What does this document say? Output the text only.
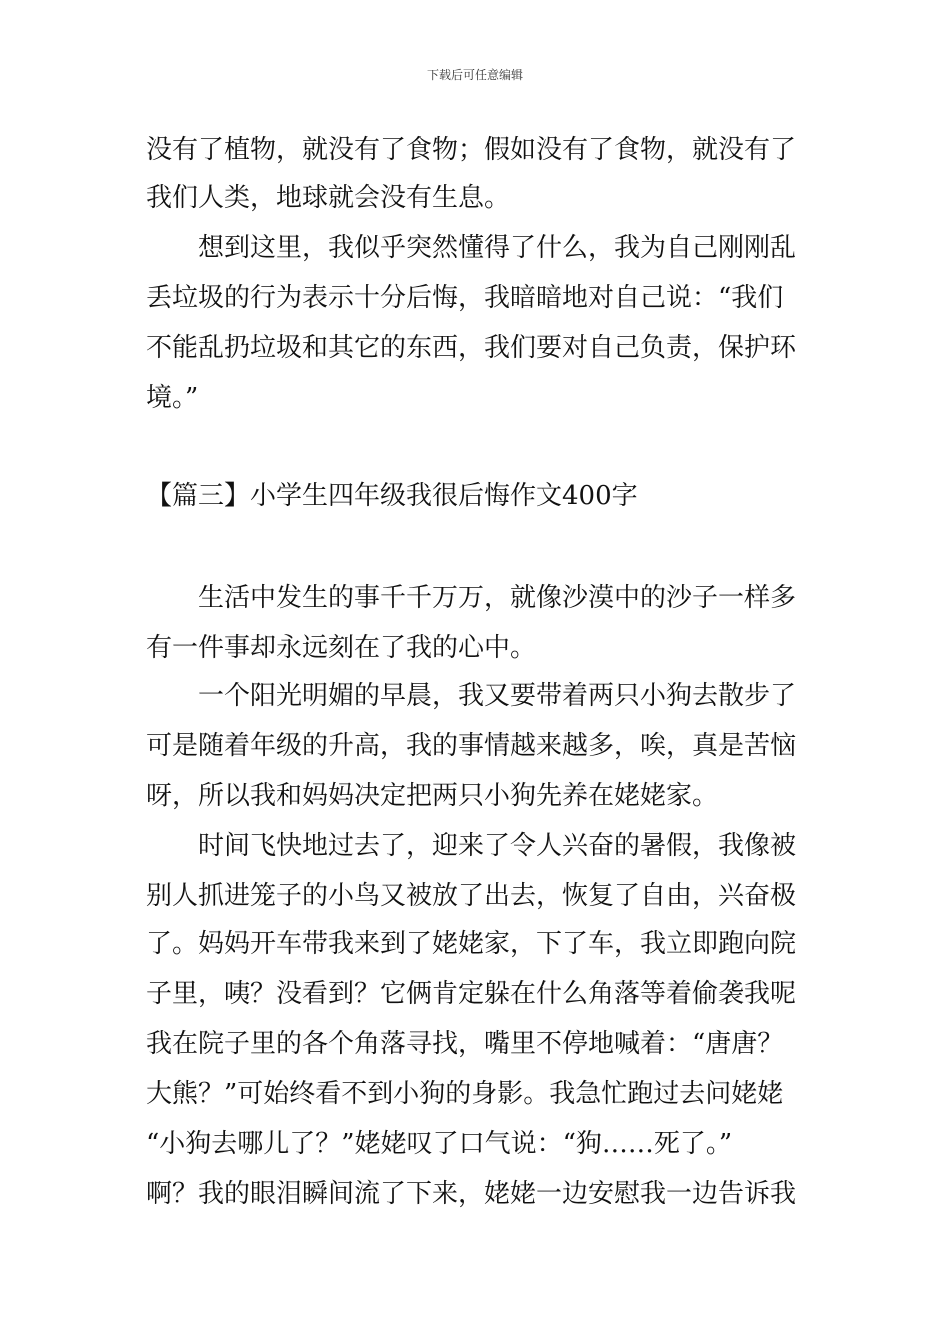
下载后可任意编辑
没有了植物，就没有了食物；假如没有了食物，就没有了
我们人类，地球就会没有生息。
想到这里，我似乎突然懂得了什么，我为自己刚刚乱
丢垃圾的行为表示十分后悔，我暗暗地对自己说：“我们
不能乱扔垃圾和其它的东西，我们要对自己负责，保护环
境。”
【篇三】小学生四年级我很后悔作文400字
生活中发生的事千千万万，就像沙漠中的沙子一样多
有一件事却永远刻在了我的心中。
一个阳光明媚的早晨，我又要带着两只小狗去散步了
可是随着年级的升高，我的事情越来越多，唉，真是苦恼
呀，所以我和妈妈决定把两只小狗先养在姥姥家。
时间飞快地过去了，迎来了令人兴奋的暑假，我像被
别人抓进笼子的小鸟又被放了出去，恢复了自由，兴奋极
了。妈妈开车带我来到了姥姥家，下了车，我立即跑向院
子里，咦？没看到？它俩肯定躲在什么角落等着偷袭我呢
我在院子里的各个角落寻找，嘴里不停地喊着：“唐唐？
大熊？”可始终看不到小狗的身影。我急忙跑过去问姥姥
“小狗去哪儿了？”姥姥叹了口气说：“狗……死了。”
啊？我的眼泪瞬间流了下来，姥姥一边安慰我一边告诉我
